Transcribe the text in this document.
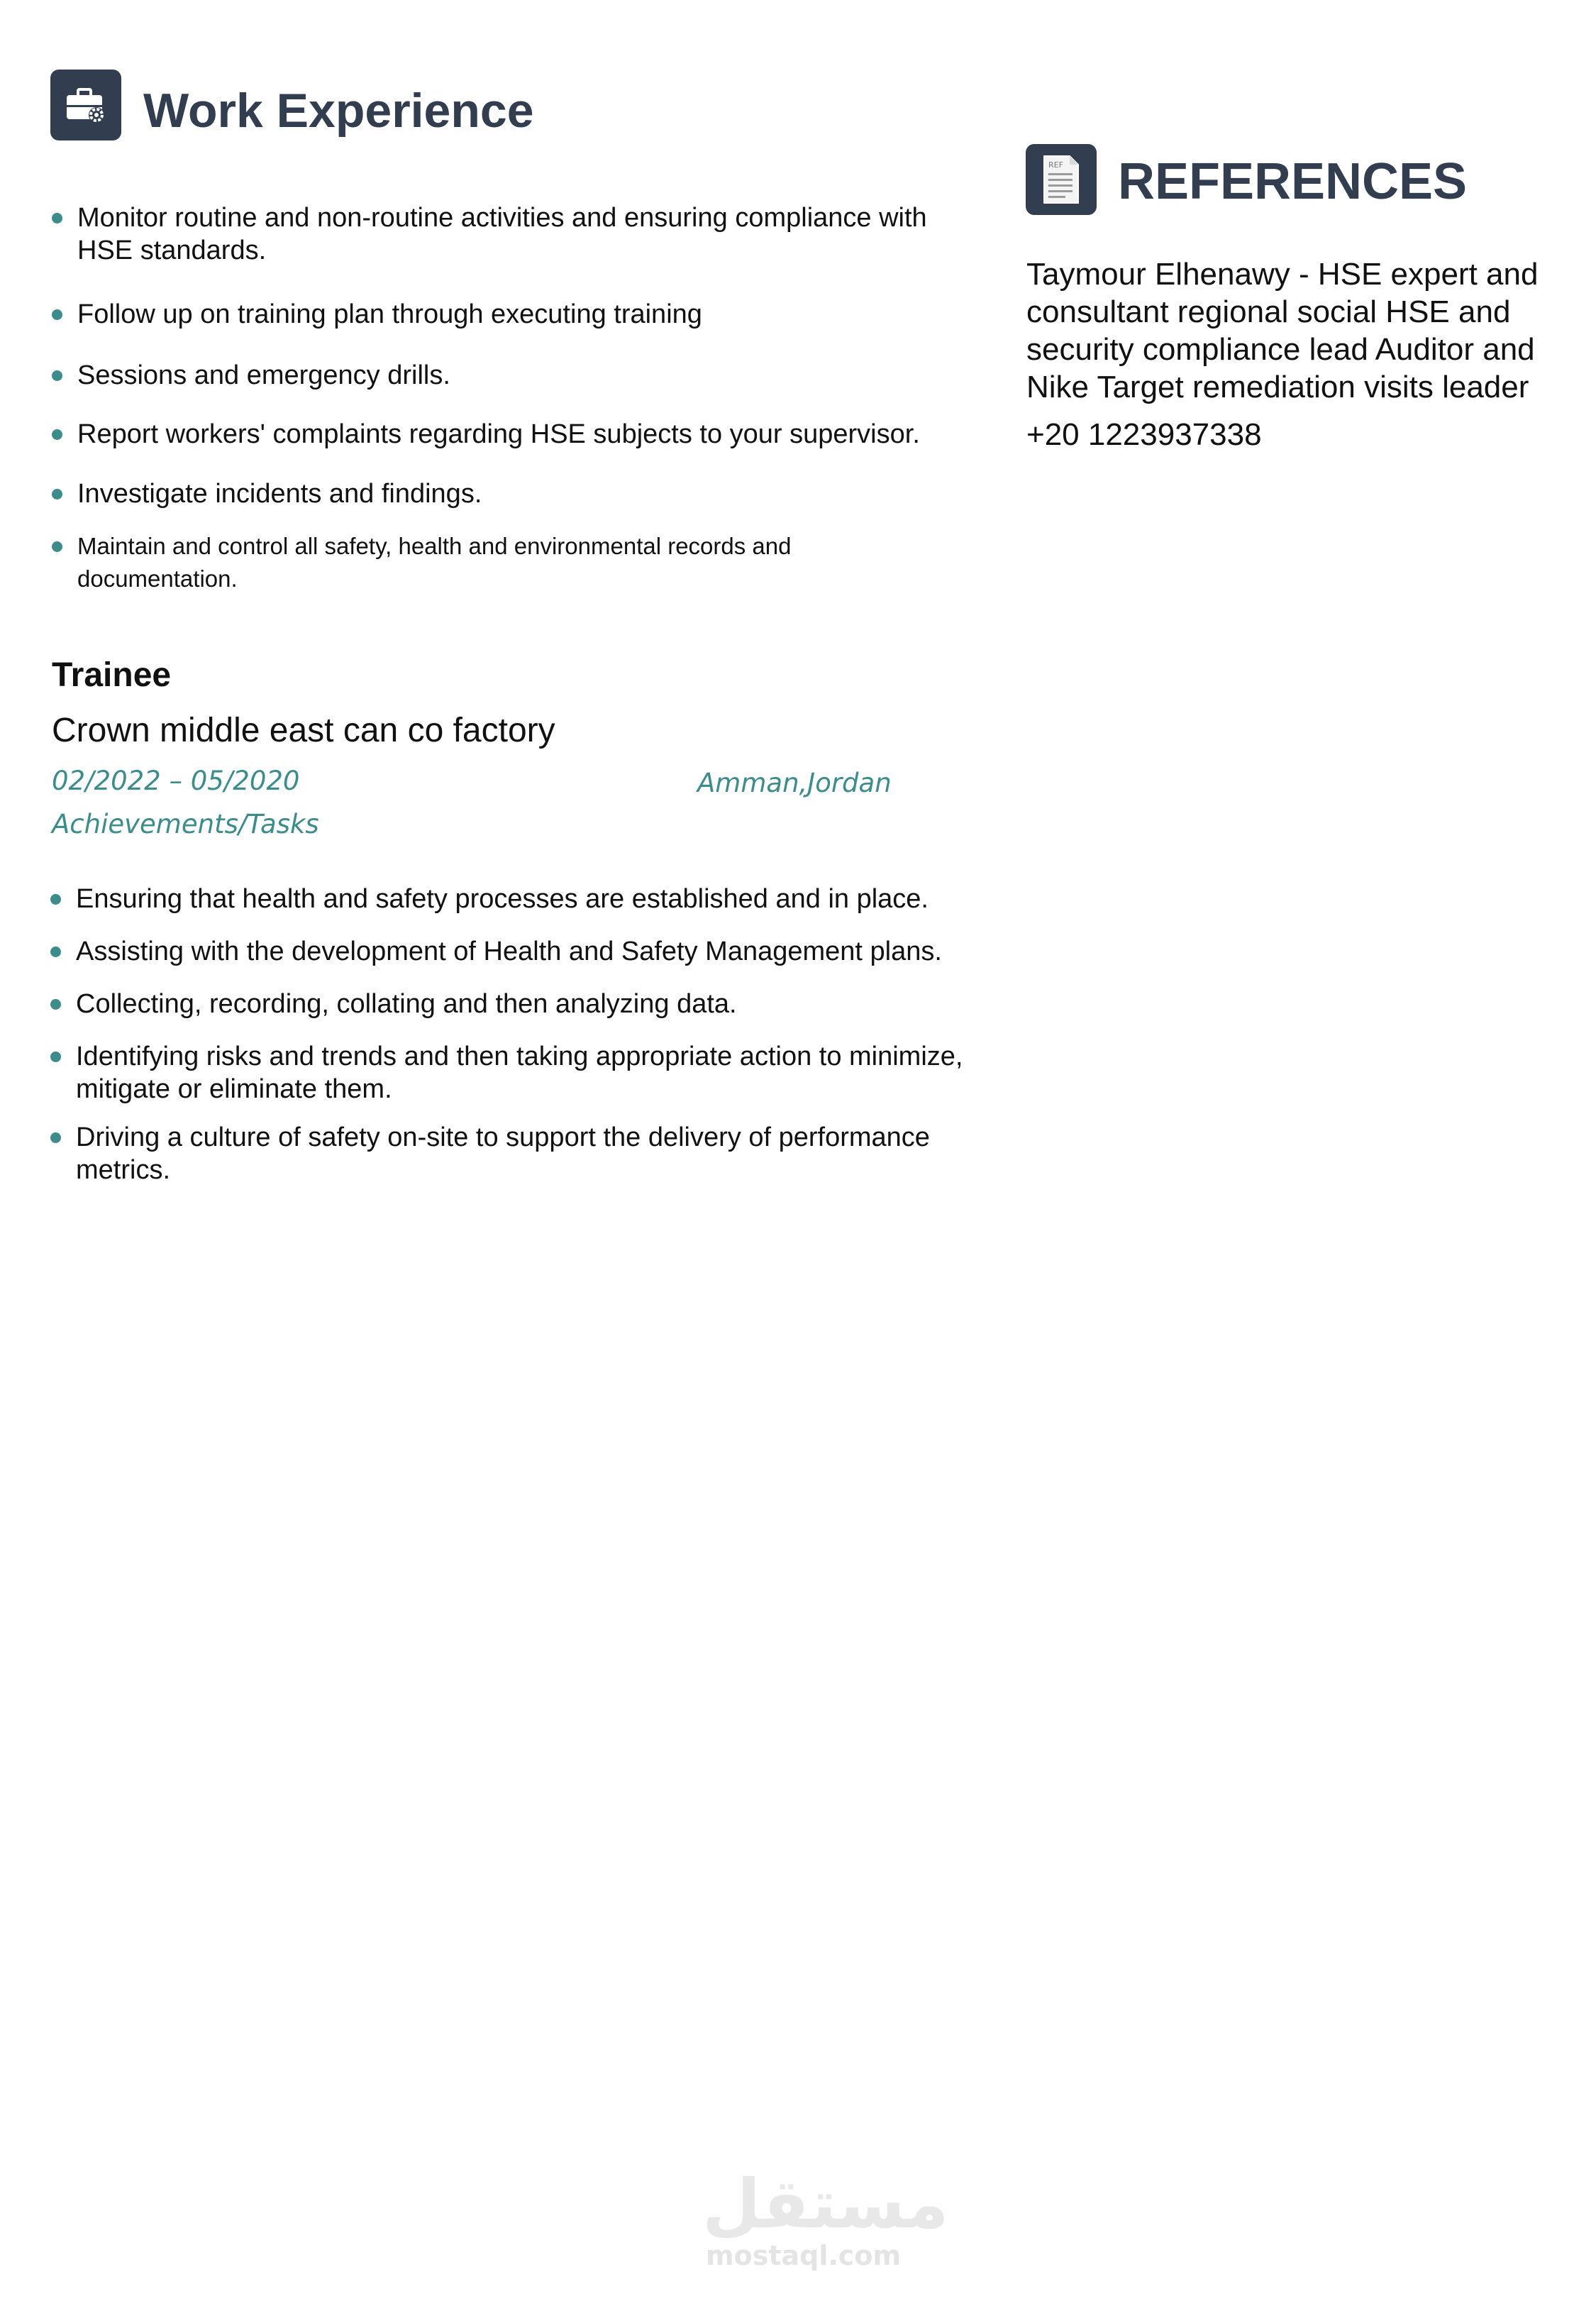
Work Experience
Monitor routine and non-routine activities and ensuring compliance with HSE standards.
Follow up on training plan through executing training
Sessions and emergency drills.
Report workers' complaints regarding HSE subjects to your supervisor.
Investigate incidents and findings.
Maintain and control all safety, health and environmental records and documentation.
Trainee
Crown middle east can co factory
02/2022 – 05/2020	Amman,Jordan
Achievements/Tasks
Ensuring that health and safety processes are established and in place.
Assisting with the development of Health and Safety Management plans.
Collecting, recording, collating and then analyzing data.
Identifying risks and trends and then taking appropriate action to minimize, mitigate or eliminate them.
Driving a culture of safety on-site to support the delivery of performance metrics.
REF REFERENCES
Taymour Elhenawy - HSE expert and consultant regional social HSE and security compliance lead Auditor and Nike Target remediation visits leader
+20 1223937338
مستقل
mostaql.com
